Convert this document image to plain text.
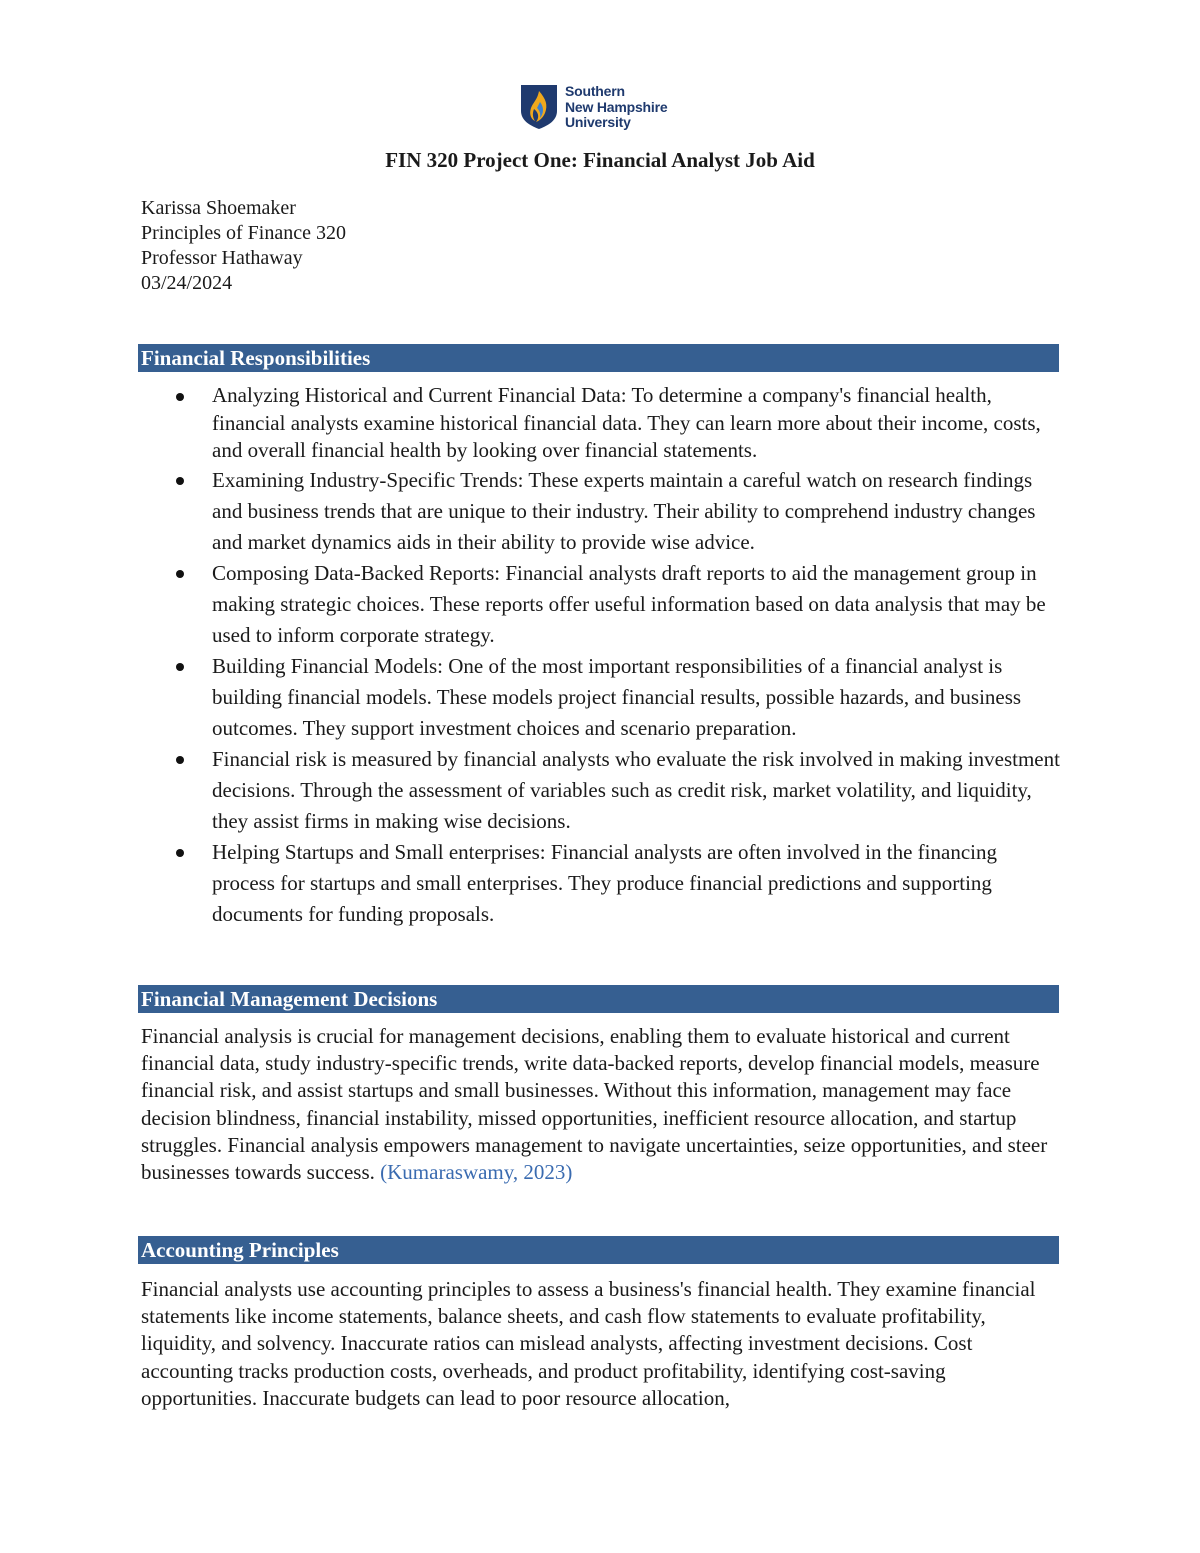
Southern
New Hampshire
University
FIN 320 Project One: Financial Analyst Job Aid
Karissa Shoemaker
Principles of Finance 320
Professor Hathaway
03/24/2024
Financial Responsibilities
Analyzing Historical and Current Financial Data: To determine a company's financial health, financial analysts examine historical financial data. They can learn more about their income, costs, and overall financial health by looking over financial statements.
Examining Industry-Specific Trends: These experts maintain a careful watch on research findings and business trends that are unique to their industry. Their ability to comprehend industry changes and market dynamics aids in their ability to provide wise advice.
Composing Data-Backed Reports: Financial analysts draft reports to aid the management group in making strategic choices. These reports offer useful information based on data analysis that may be used to inform corporate strategy.
Building Financial Models: One of the most important responsibilities of a financial analyst is building financial models. These models project financial results, possible hazards, and business outcomes. They support investment choices and scenario preparation.
Financial risk is measured by financial analysts who evaluate the risk involved in making investment decisions. Through the assessment of variables such as credit risk, market volatility, and liquidity, they assist firms in making wise decisions.
Helping Startups and Small enterprises: Financial analysts are often involved in the financing process for startups and small enterprises. They produce financial predictions and supporting documents for funding proposals.
Financial Management Decisions

Financial analysis is crucial for management decisions, enabling them to evaluate historical and current financial data, study industry-specific trends, write data-backed reports, develop financial models, measure financial risk, and assist startups and small businesses. Without this information, management may face decision blindness, financial instability, missed opportunities, inefficient resource allocation, and startup struggles. Financial analysis empowers management to navigate uncertainties, seize opportunities, and steer businesses towards success. (Kumaraswamy, 2023)

Accounting Principles

Financial analysts use accounting principles to assess a business's financial health. They examine financial statements like income statements, balance sheets, and cash flow statements to evaluate profitability, liquidity, and solvency. Inaccurate ratios can mislead analysts, affecting investment decisions. Cost accounting tracks production costs, overheads, and product profitability, identifying cost-saving opportunities. Inaccurate budgets can lead to poor resource allocation,
